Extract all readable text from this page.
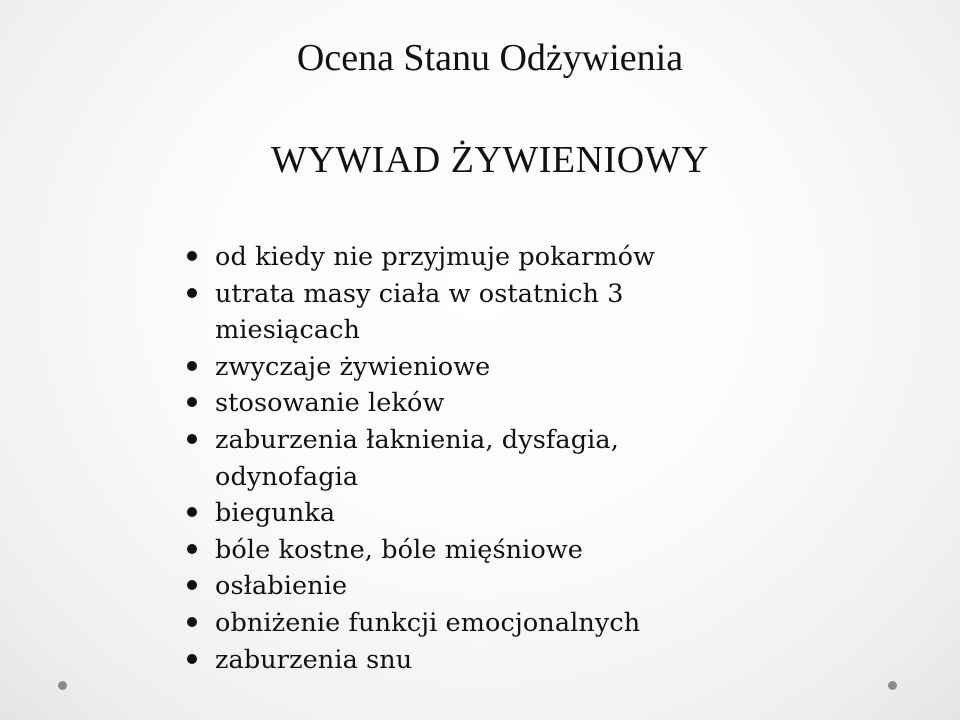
Ocena Stanu Odżywienia
WYWIAD ŻYWIENIOWY
od kiedy nie przyjmuje pokarmów
utrata masy ciała w ostatnich 3 miesiącach
zwyczaje żywieniowe
stosowanie leków
zaburzenia łaknienia, dysfagia, odynofagia
biegunka
bóle kostne, bóle mięśniowe
osłabienie
obniżenie funkcji emocjonalnych
zaburzenia snu
